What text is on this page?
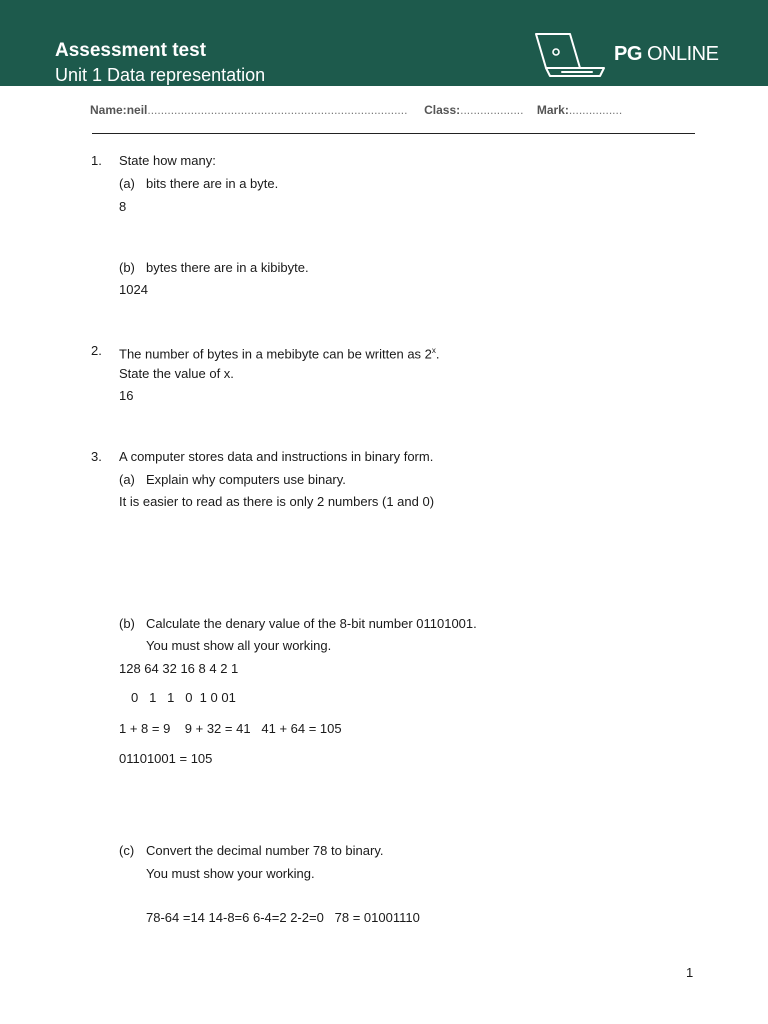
Assessment test
Unit 1 Data representation
PG ONLINE
Name:neil.............................................................................. Class:................... Mark:................
1. State how many:
(a) bits there are in a byte.
8
(b) bytes there are in a kibibyte.
1024
2. The number of bytes in a mebibyte can be written as 2$^x$.
State the value of x.
16
3. A computer stores data and instructions in binary form.
(a) Explain why computers use binary.
It is easier to read as there is only 2 numbers (1 and 0)
(b) Calculate the denary value of the 8-bit number 01101001.
You must show all your working.
128 64 32 16 8 4 2 1
0   1   1   0  1 0 01
1 + 8 = 9    9 + 32 = 41   41 + 64 = 105
01101001 = 105
(c) Convert the decimal number 78 to binary.
You must show your working.
78-64 =14 14-8=6 6-4=2 2-2=0   78 = 01001110
1
